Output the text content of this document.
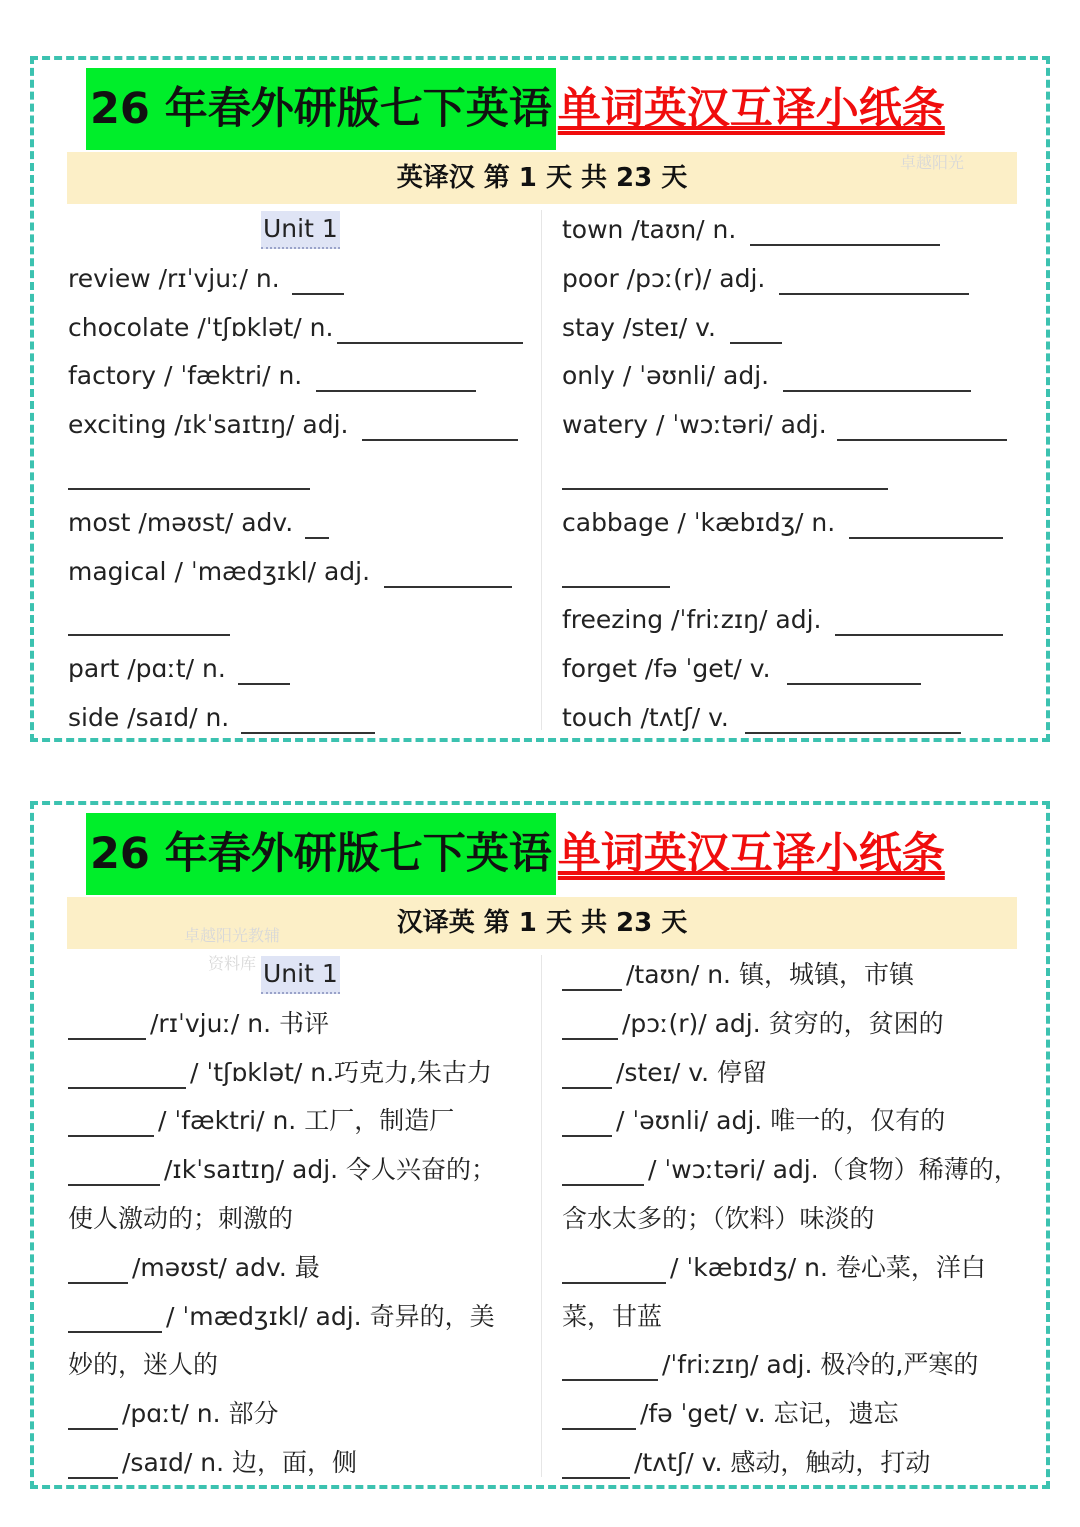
26 年春外研版七下英语 单词英汉互译小纸条
英译汉 第 1 天 共 23 天
卓越阳光
Unit 1
review /rɪˈvjuː/ n.
chocolate /ˈtʃɒklət/ n.
factory / ˈfæktri/ n.
exciting /ɪkˈsaɪtɪŋ/ adj.
most /məʊst/ adv.
magical / ˈmædʒɪkl/ adj.
part /pɑːt/ n.
side /saɪd/ n.
town /taʊn/ n.
poor /pɔː(r)/ adj.
stay /steɪ/ v.
only / ˈəʊnli/ adj.
watery / ˈwɔːtəri/ adj.
cabbage / ˈkæbɪdʒ/ n.
freezing /ˈfriːzɪŋ/ adj.
forget /fə ˈget/ v.
touch /tʌtʃ/ v.
26 年春外研版七下英语 单词英汉互译小纸条
汉译英 第 1 天 共 23 天
卓越阳光教辅
资料库 Unit 1
/rɪˈvjuː/ n. 书评
/ ˈtʃɒklət/ n.巧克力,朱古力
/ ˈfæktri/ n. 工厂，制造厂
/ɪkˈsaɪtɪŋ/ adj. 令人兴奋的；
使人激动的；刺激的
/məʊst/ adv. 最
/ ˈmædʒɪkl/ adj. 奇异的，美
妙的，迷人的
/pɑːt/ n. 部分
/saɪd/ n. 边，面，侧
/taʊn/ n. 镇，城镇，市镇
/pɔː(r)/ adj. 贫穷的，贫困的
/steɪ/ v. 停留
/ ˈəʊnli/ adj. 唯一的，仅有的
/ ˈwɔːtəri/ adj.（食物）稀薄的，
含水太多的；（饮料）味淡的
/ ˈkæbɪdʒ/ n. 卷心菜，洋白
菜，甘蓝
/ˈfriːzɪŋ/ adj. 极冷的,严寒的
/fə ˈget/ v. 忘记，遗忘
/tʌtʃ/ v. 感动，触动，打动
